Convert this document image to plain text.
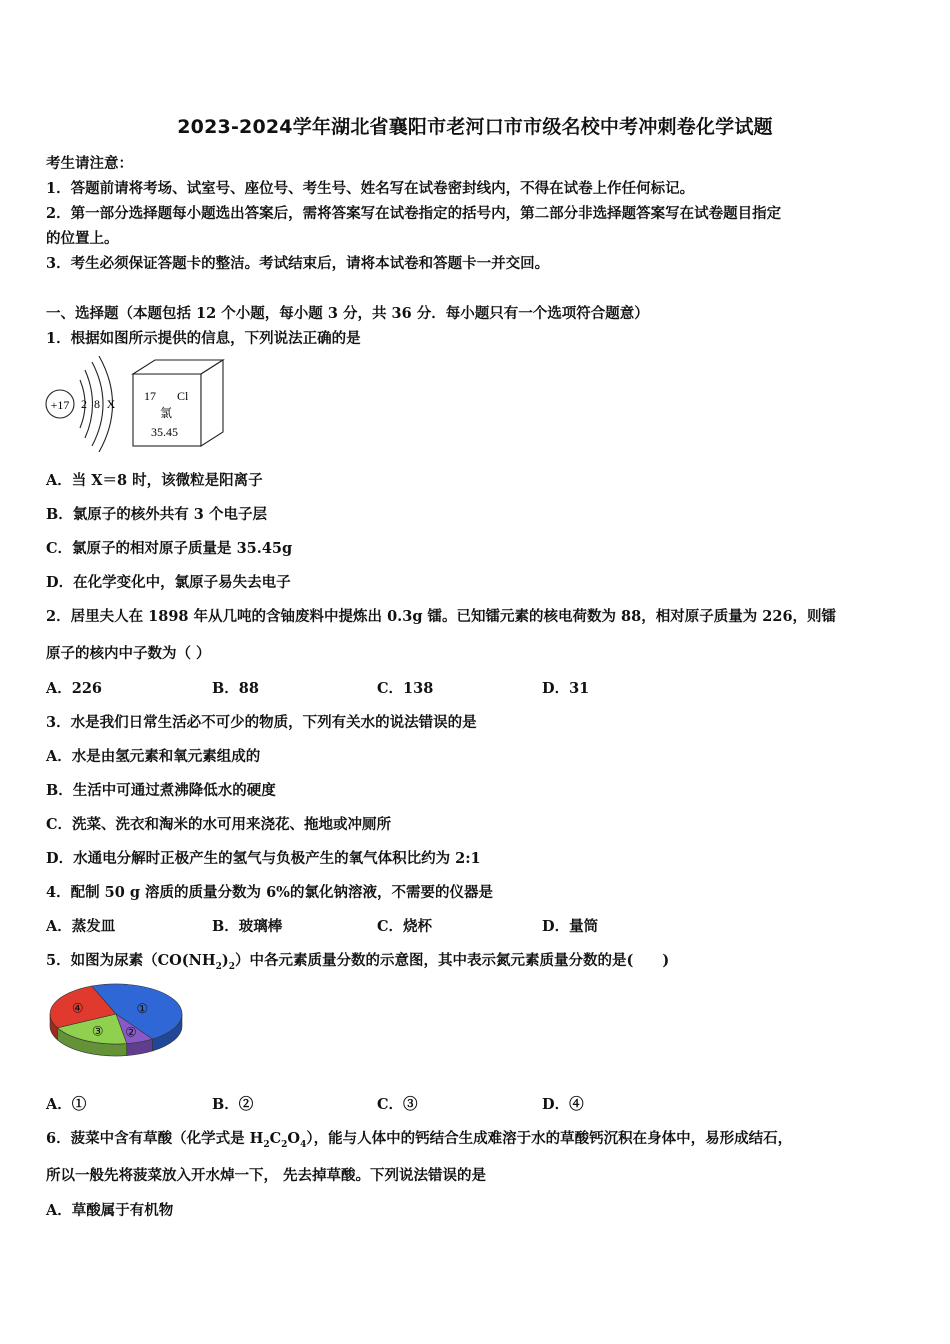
2023-2024学年湖北省襄阳市老河口市市级名校中考冲刺卷化学试题
考生请注意：
1．答题前请将考场、试室号、座位号、考生号、姓名写在试卷密封线内，不得在试卷上作任何标记。
2．第一部分选择题每小题选出答案后，需将答案写在试卷指定的括号内，第二部分非选择题答案写在试卷题目指定
的位置上。
3．考生必须保证答题卡的整洁。考试结束后，请将本试卷和答题卡一并交回。
一、选择题（本题包括 12 个小题，每小题 3 分，共 36 分．每小题只有一个选项符合题意）
1．根据如图所示提供的信息，下列说法正确的是
+17 2 8 X
17 Cl
氯
35.45
A．当 X＝8 时，该微粒是阳离子
B．氯原子的核外共有 3 个电子层
C．氯原子的相对原子质量是 35.45g
D．在化学变化中，氯原子易失去电子
2．居里夫人在 1898 年从几吨的含铀废料中提炼出 0.3g 镭。已知镭元素的核电荷数为 88，相对原子质量为 226，则镭
原子的核内中子数为（ ）
A．226	B．88	C．138	D．31
3．水是我们日常生活必不可少的物质，下列有关水的说法错误的是
A．水是由氢元素和氧元素组成的
B．生活中可通过煮沸降低水的硬度
C．洗菜、洗衣和淘米的水可用来浇花、拖地或冲厕所
D．水通电分解时正极产生的氢气与负极产生的氧气体积比约为 2:1
4．配制 50 g 溶质的质量分数为 6%的氯化钠溶液，不需要的仪器是
A．蒸发皿	B．玻璃棒	C．烧杯	D．量筒
5．如图为尿素$(CO(NH_2)_2)$中各元素质量分数的示意图，其中表示氮元素质量分数的是(　　)
①
②
③
④
A．①	B．②	C．③	D．④
6．菠菜中含有草酸（化学式是 $H_2C_2O_4$），能与人体中的钙结合生成难溶于水的草酸钙沉积在身体中，易形成结石，
所以一般先将菠菜放入开水焯一下， 先去掉草酸。下列说法错误的是
A．草酸属于有机物
